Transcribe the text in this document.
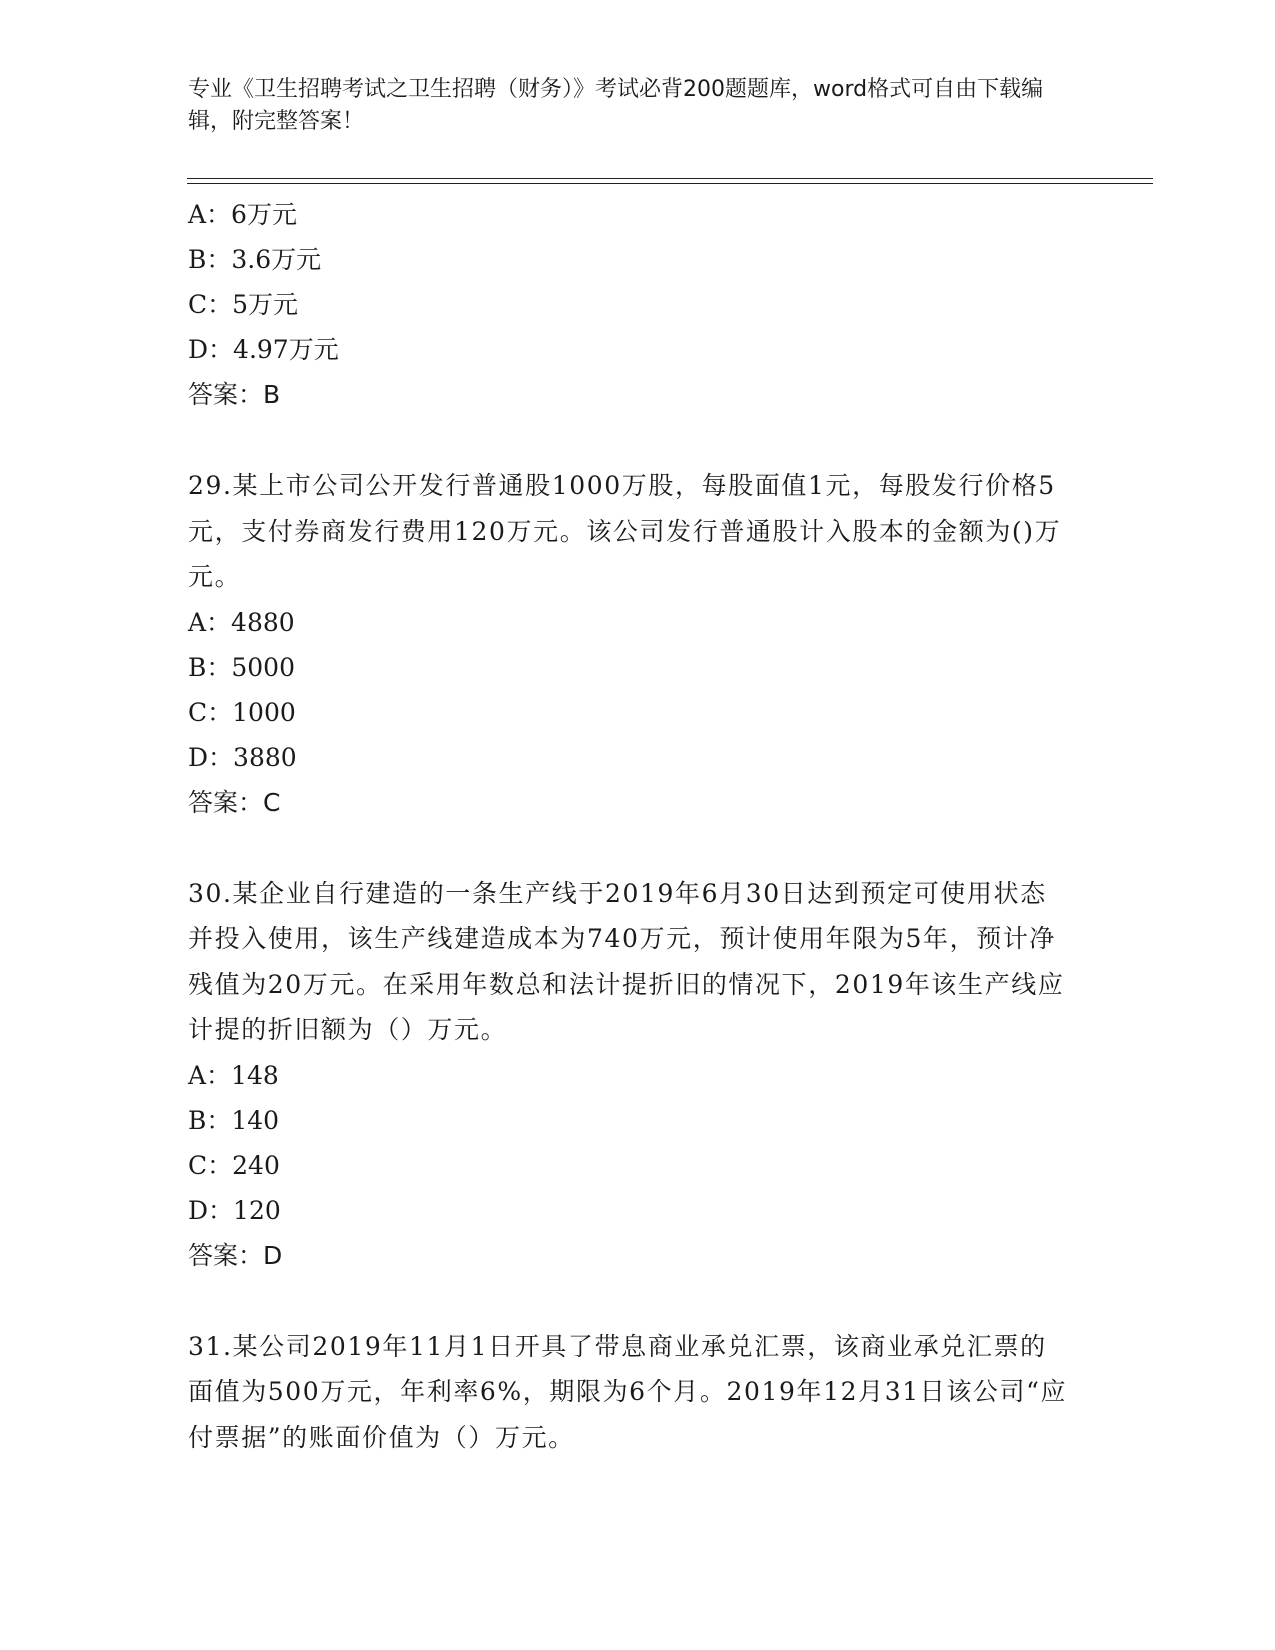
专业《卫生招聘考试之卫生招聘（财务）》考试必背200题题库，word格式可自由下载编辑，附完整答案！
A：6万元
B：3.6万元
C：5万元
D：4.97万元
答案：B
29.某上市公司公开发行普通股1000万股，每股面值1元，每股发行价格5元，支付券商发行费用120万元。该公司发行普通股计入股本的金额为()万元。
A：4880
B：5000
C：1000
D：3880
答案：C
30.某企业自行建造的一条生产线于2019年6月30日达到预定可使用状态并投入使用，该生产线建造成本为740万元，预计使用年限为5年，预计净残值为20万元。在采用年数总和法计提折旧的情况下，2019年该生产线应计提的折旧额为（）万元。
A：148
B：140
C：240
D：120
答案：D
31.某公司2019年11月1日开具了带息商业承兑汇票，该商业承兑汇票的面值为500万元，年利率6%，期限为6个月。2019年12月31日该公司“应付票据”的账面价值为（）万元。
